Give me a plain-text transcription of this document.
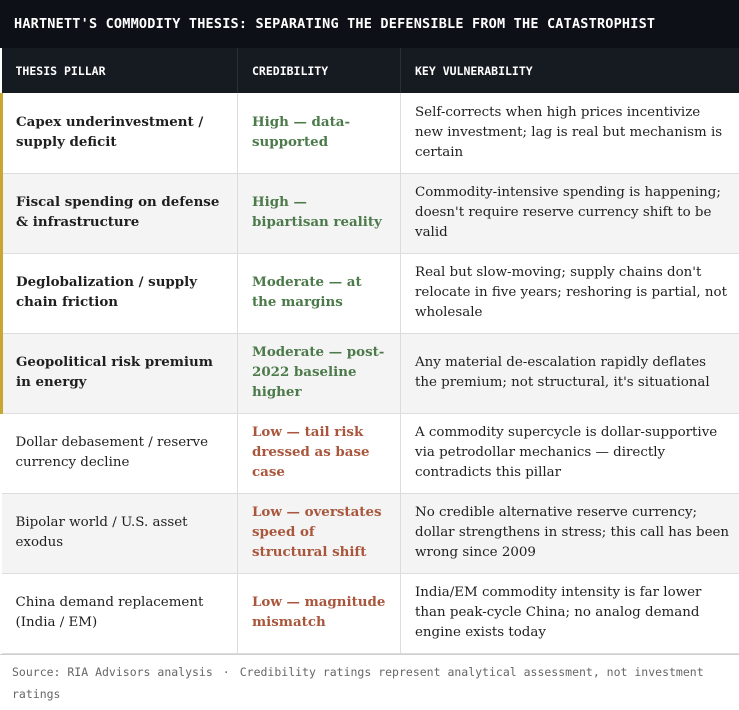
HARTNETT'S COMMODITY THESIS: SEPARATING THE DEFENSIBLE FROM THE CATASTROPHIST
THESIS PILLAR	CREDIBILITY	KEY VULNERABILITY
Capex underinvestment / supply deficit	High — data-supported	Self-corrects when high prices incentivize new investment; lag is real but mechanism is certain
Fiscal spending on defense & infrastructure	High — bipartisan reality	Commodity-intensive spending is happening; doesn't require reserve currency shift to be valid
Deglobalization / supply chain friction	Moderate — at the margins	Real but slow-moving; supply chains don't relocate in five years; reshoring is partial, not wholesale
Geopolitical risk premium in energy	Moderate — post-2022 baseline higher	Any material de-escalation rapidly deflates the premium; not structural, it's situational
Dollar debasement / reserve currency decline	Low — tail risk dressed as base case	A commodity supercycle is dollar-supportive via petrodollar mechanics — directly contradicts this pillar
Bipolar world / U.S. asset exodus	Low — overstates speed of structural shift	No credible alternative reserve currency; dollar strengthens in stress; this call has been wrong since 2009
China demand replacement (India / EM)	Low — magnitude mismatch	India/EM commodity intensity is far lower than peak-cycle China; no analog demand engine exists today
Source: RIA Advisors analysis · Credibility ratings represent analytical assessment, not investment ratings
